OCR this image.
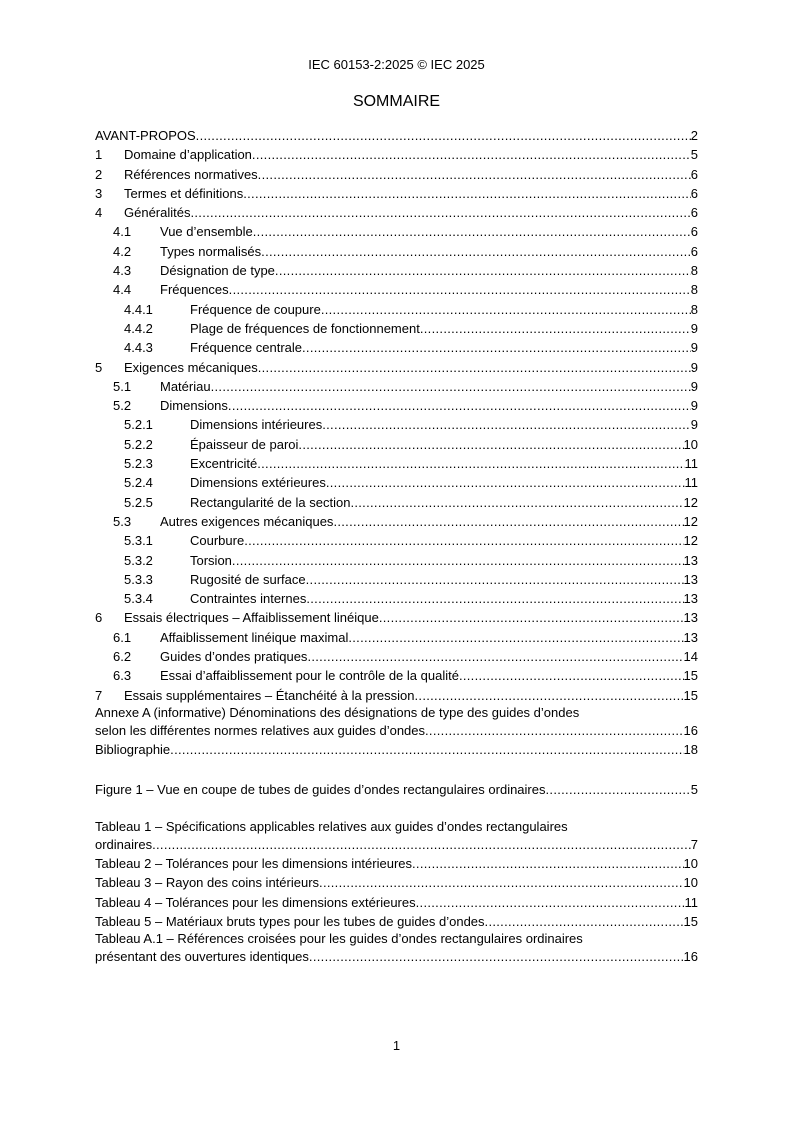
IEC 60153-2:2025 © IEC 2025
SOMMAIRE
AVANT-PROPOS .....	2
1	Domaine d’application .....	5
2	Références normatives .....	6
3	Termes et définitions .....	6
4	Généralités .....	6
4.1	Vue d’ensemble .....	6
4.2	Types normalisés .....	6
4.3	Désignation de type .....	8
4.4	Fréquences .....	8
4.4.1	Fréquence de coupure .....	8
4.4.2	Plage de fréquences de fonctionnement .....	9
4.4.3	Fréquence centrale .....	9
5	Exigences mécaniques .....	9
5.1	Matériau .....	9
5.2	Dimensions .....	9
5.2.1	Dimensions intérieures .....	9
5.2.2	Épaisseur de paroi .....	10
5.2.3	Excentricité .....	11
5.2.4	Dimensions extérieures .....	11
5.2.5	Rectangularité de la section .....	12
5.3	Autres exigences mécaniques .....	12
5.3.1	Courbure .....	12
5.3.2	Torsion .....	13
5.3.3	Rugosité de surface .....	13
5.3.4	Contraintes internes .....	13
6	Essais électriques – Affaiblissement linéique .....	13
6.1	Affaiblissement linéique maximal .....	13
6.2	Guides d’ondes pratiques .....	14
6.3	Essai d’affaiblissement pour le contrôle de la qualité .....	15
7	Essais supplémentaires – Étanchéité à la pression .....	15
Annexe A (informative) Dénominations des désignations de type des guides d’ondes
selon les différentes normes relatives aux guides d’ondes .....	16
Bibliographie .....	18
Figure 1 – Vue en coupe de tubes de guides d’ondes rectangulaires ordinaires .....	5
Tableau 1 – Spécifications applicables relatives aux guides d’ondes rectangulaires
ordinaires .....	7
Tableau 2 – Tolérances pour les dimensions intérieures .....	10
Tableau 3 – Rayon des coins intérieurs .....	10
Tableau 4 – Tolérances pour les dimensions extérieures .....	11
Tableau 5 – Matériaux bruts types pour les tubes de guides d’ondes .....	15
Tableau A.1 – Références croisées pour les guides d’ondes rectangulaires ordinaires
présentant des ouvertures identiques .....	16
1
